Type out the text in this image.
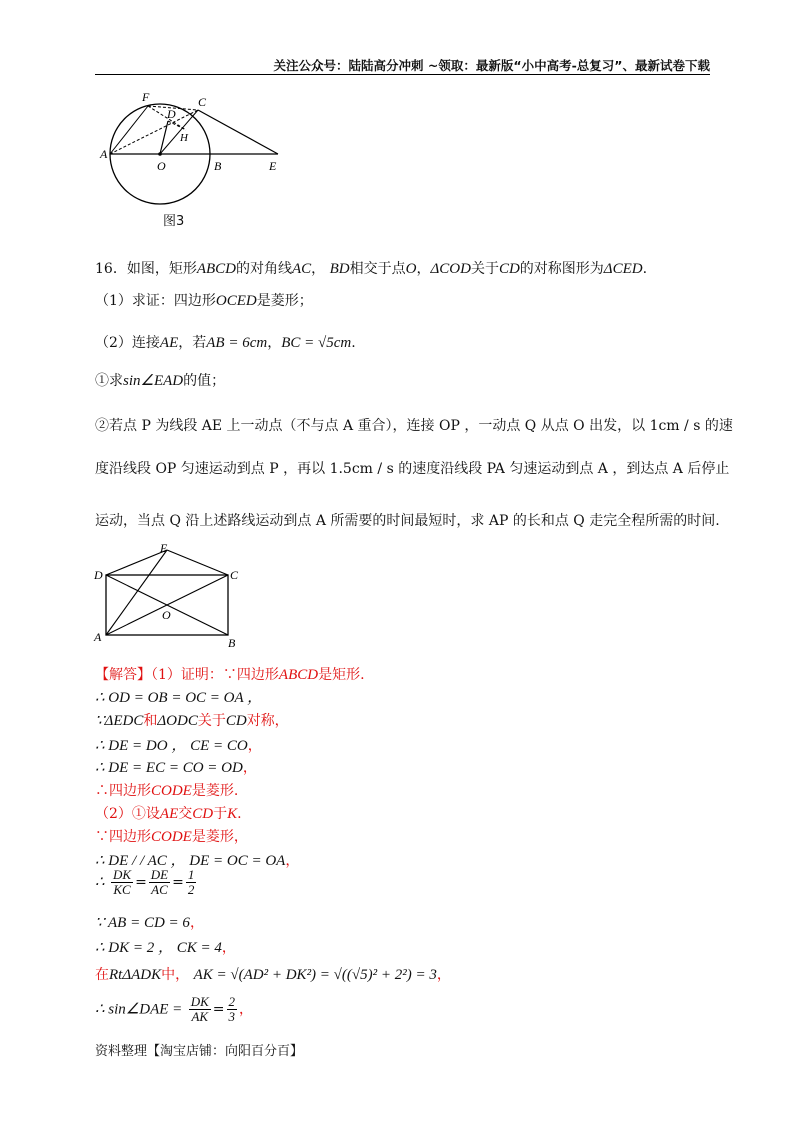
关注公众号：陆陆高分冲刺 ~领取：最新版“小中高考-总复习”、最新试卷下载
F	C
D
H
A
O	B	E
图3
16．如图，矩形ABCD的对角线AC， BD相交于点O，ΔCOD关于CD的对称图形为ΔCED.
（1）求证：四边形OCED是菱形；
（2）连接AE，若AB = 6cm，BC = √5cm.
①求sin∠EAD的值；
②若点 P 为线段 AE 上一动点（不与点 A 重合），连接 OP ，一动点 Q 从点 O 出发，以 1cm / s 的速
度沿线段 OP 匀速运动到点 P ，再以 1.5cm / s 的速度沿线段 PA 匀速运动到点 A ，到达点 A 后停止
运动，当点 Q 沿上述路线运动到点 A 所需要的时间最短时，求 AP 的长和点 Q 走完全程所需的时间.
E
D	C
O
A	B
【解答】（1）证明：∵四边形ABCD是矩形.
∴ OD = OB = OC = OA ，
∵ΔEDC和ΔODC关于CD对称，
∴ DE = DO ， CE = CO，
∴ DE = EC = CO = OD，
∴四边形CODE是菱形.
（2）①设AE交CD于K.
∵四边形CODE是菱形，
∴ DE / / AC ， DE = OC = OA，
∴ $\frac{DK}{KC} = \frac{DE}{AC} = \frac{1}{2}$
∵ AB = CD = 6，
∴ DK = 2 ， CK = 4，
在RtΔADK中， AK = √(AD² + DK²) = √((√5)² + 2²) = 3，
∴ sin∠DAE = $\frac{DK}{AK} = \frac{2}{3}$ ，
资料整理【淘宝店铺：向阳百分百】
